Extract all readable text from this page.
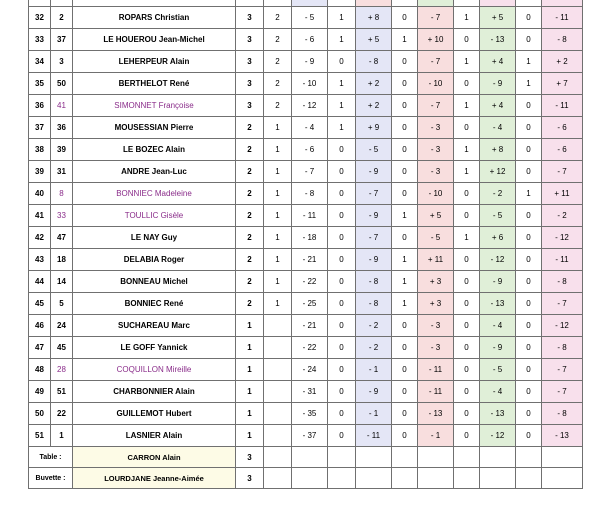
32	2	ROPARS Christian	3	2	- 5	1	+ 8	0	- 7	1	+ 5	0	- 11
33	37	LE HOUEROU Jean-Michel	3	2	- 6	1	+ 5	1	+ 10	0	- 13	0	- 8
34	3	LEHERPEUR Alain	3	2	- 9	0	- 8	0	- 7	1	+ 4	1	+ 2
35	50	BERTHELOT René	3	2	- 10	1	+ 2	0	- 10	0	- 9	1	+ 7
36	41	SIMONNET Françoise	3	2	- 12	1	+ 2	0	- 7	1	+ 4	0	- 11
37	36	MOUSESSIAN Pierre	2	1	- 4	1	+ 9	0	- 3	0	- 4	0	- 6
38	39	LE BOZEC Alain	2	1	- 6	0	- 5	0	- 3	1	+ 8	0	- 6
39	31	ANDRE Jean-Luc	2	1	- 7	0	- 9	0	- 3	1	+ 12	0	- 7
40	8	BONNIEC Madeleine	2	1	- 8	0	- 7	0	- 10	0	- 2	1	+ 11
41	33	TOULLIC Gisèle	2	1	- 11	0	- 9	1	+ 5	0	- 5	0	- 2
42	47	LE NAY Guy	2	1	- 18	0	- 7	0	- 5	1	+ 6	0	- 12
43	18	DELABIA Roger	2	1	- 21	0	- 9	1	+ 11	0	- 12	0	- 11
44	14	BONNEAU Michel	2	1	- 22	0	- 8	1	+ 3	0	- 9	0	- 8
45	5	BONNIEC René	2	1	- 25	0	- 8	1	+ 3	0	- 13	0	- 7
46	24	SUCHAREAU Marc	1		- 21	0	- 2	0	- 3	0	- 4	0	- 12
47	45	LE GOFF Yannick	1		- 22	0	- 2	0	- 3	0	- 9	0	- 8
48	28	COQUILLON Mireille	1		- 24	0	- 1	0	- 11	0	- 5	0	- 7
49	51	CHARBONNIER Alain	1		- 31	0	- 9	0	- 11	0	- 4	0	- 7
50	22	GUILLEMOT Hubert	1		- 35	0	- 1	0	- 13	0	- 13	0	- 8
51	1	LASNIER Alain	1		- 37	0	- 11	0	- 1	0	- 12	0	- 13
Table :		CARRON Alain	3										
Buvette :		LOURDJANE Jeanne-Aimée	3										
